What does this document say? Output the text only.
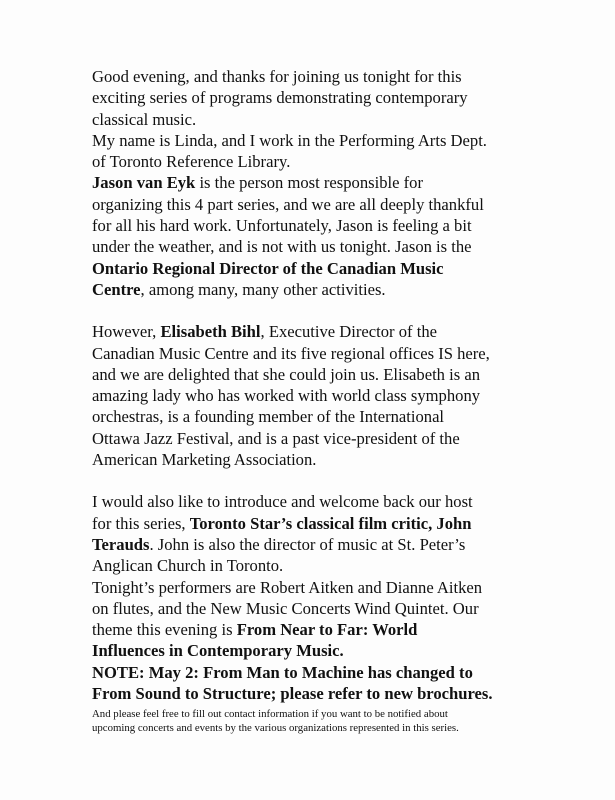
Good evening, and thanks for joining us tonight for this
exciting series of programs demonstrating contemporary
classical music.

My name is Linda, and I work in the Performing Arts Dept.
of Toronto Reference Library.

Jason van Eyk is the person most responsible for
organizing this 4 part series, and we are all deeply thankful
for all his hard work. Unfortunately, Jason is feeling a bit
under the weather, and is not with us tonight. Jason is the
Ontario Regional Director of the Canadian Music
Centre, among many, many other activities.

However, Elisabeth Bihl, Executive Director of the
Canadian Music Centre and its five regional offices IS here,
and we are delighted that she could join us. Elisabeth is an
amazing lady who has worked with world class symphony
orchestras, is a founding member of the International
Ottawa Jazz Festival, and is a past vice-president of the
American Marketing Association.

I would also like to introduce and welcome back our host
for this series, Toronto Star’s classical film critic, John
Terauds. John is also the director of music at St. Peter’s
Anglican Church in Toronto.

Tonight’s performers are Robert Aitken and Dianne Aitken
on flutes, and the New Music Concerts Wind Quintet. Our
theme this evening is From Near to Far: World
Influences in Contemporary Music.

NOTE: May 2: From Man to Machine has changed to
From Sound to Structure; please refer to new brochures.

And please feel free to fill out contact information if you want to be notified about
upcoming concerts and events by the various organizations represented in this series.
